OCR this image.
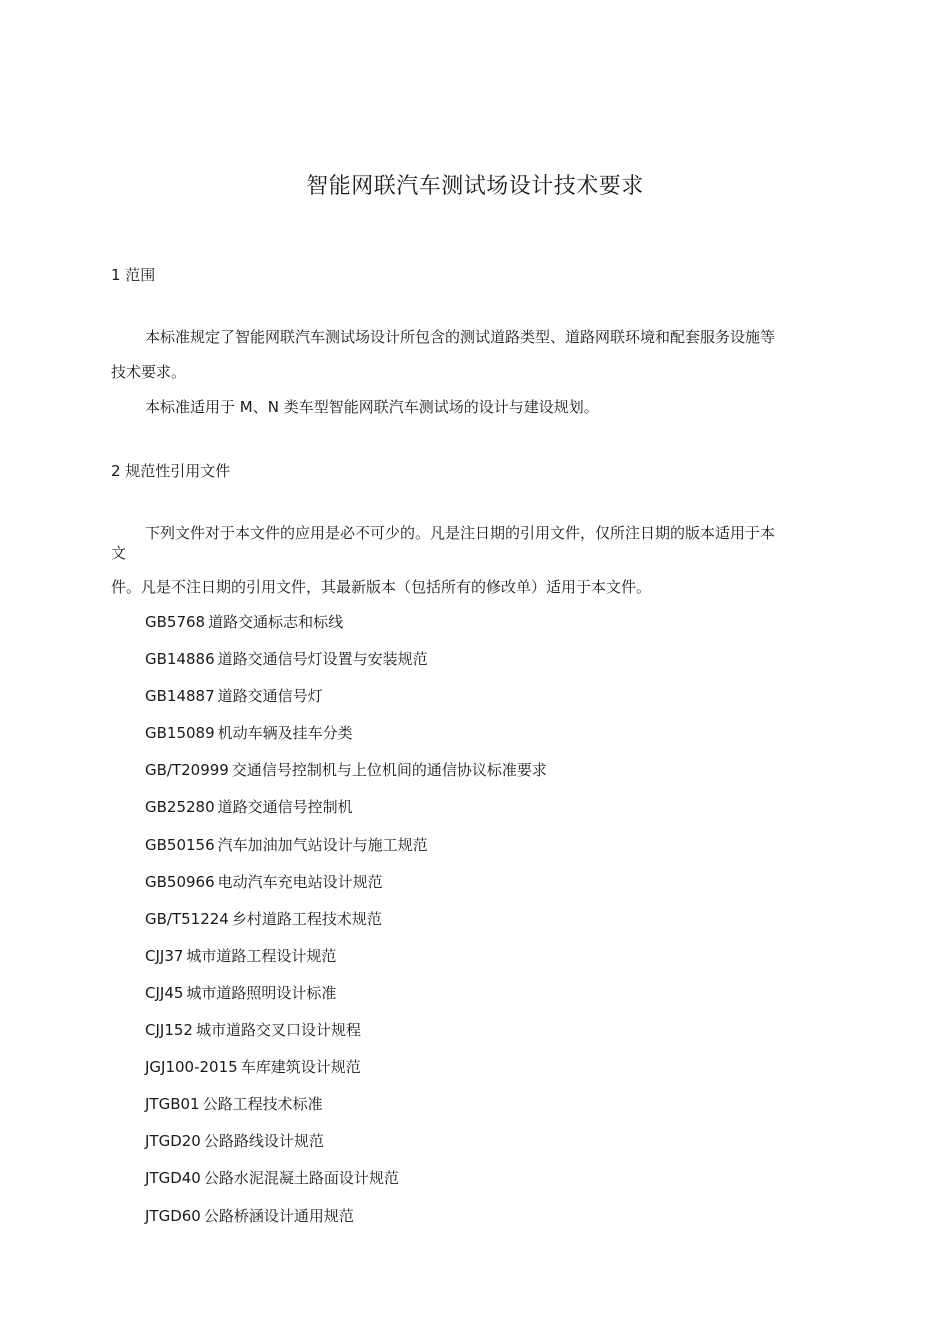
智能网联汽车测试场设计技术要求
1 范围
本标准规定了智能网联汽车测试场设计所包含的测试道路类型、道路网联环境和配套服务设施等
技术要求。
本标准适用于 M、N 类车型智能网联汽车测试场的设计与建设规划。
2 规范性引用文件
下列文件对于本文件的应用是必不可少的。凡是注日期的引用文件，仅所注日期的版本适用于本
文
件。凡是不注日期的引用文件，其最新版本（包括所有的修改单）适用于本文件。
GB5768 道路交通标志和标线
GB14886 道路交通信号灯设置与安装规范
GB14887 道路交通信号灯
GB15089 机动车辆及挂车分类
GB/T20999 交通信号控制机与上位机间的通信协议标准要求
GB25280 道路交通信号控制机
GB50156 汽车加油加气站设计与施工规范
GB50966 电动汽车充电站设计规范
GB/T51224 乡村道路工程技术规范
CJJ37 城市道路工程设计规范
CJJ45 城市道路照明设计标准
CJJ152 城市道路交叉口设计规程
JGJ100-2015 车库建筑设计规范
JTGB01 公路工程技术标准
JTGD20 公路路线设计规范
JTGD40 公路水泥混凝土路面设计规范
JTGD60 公路桥涵设计通用规范
